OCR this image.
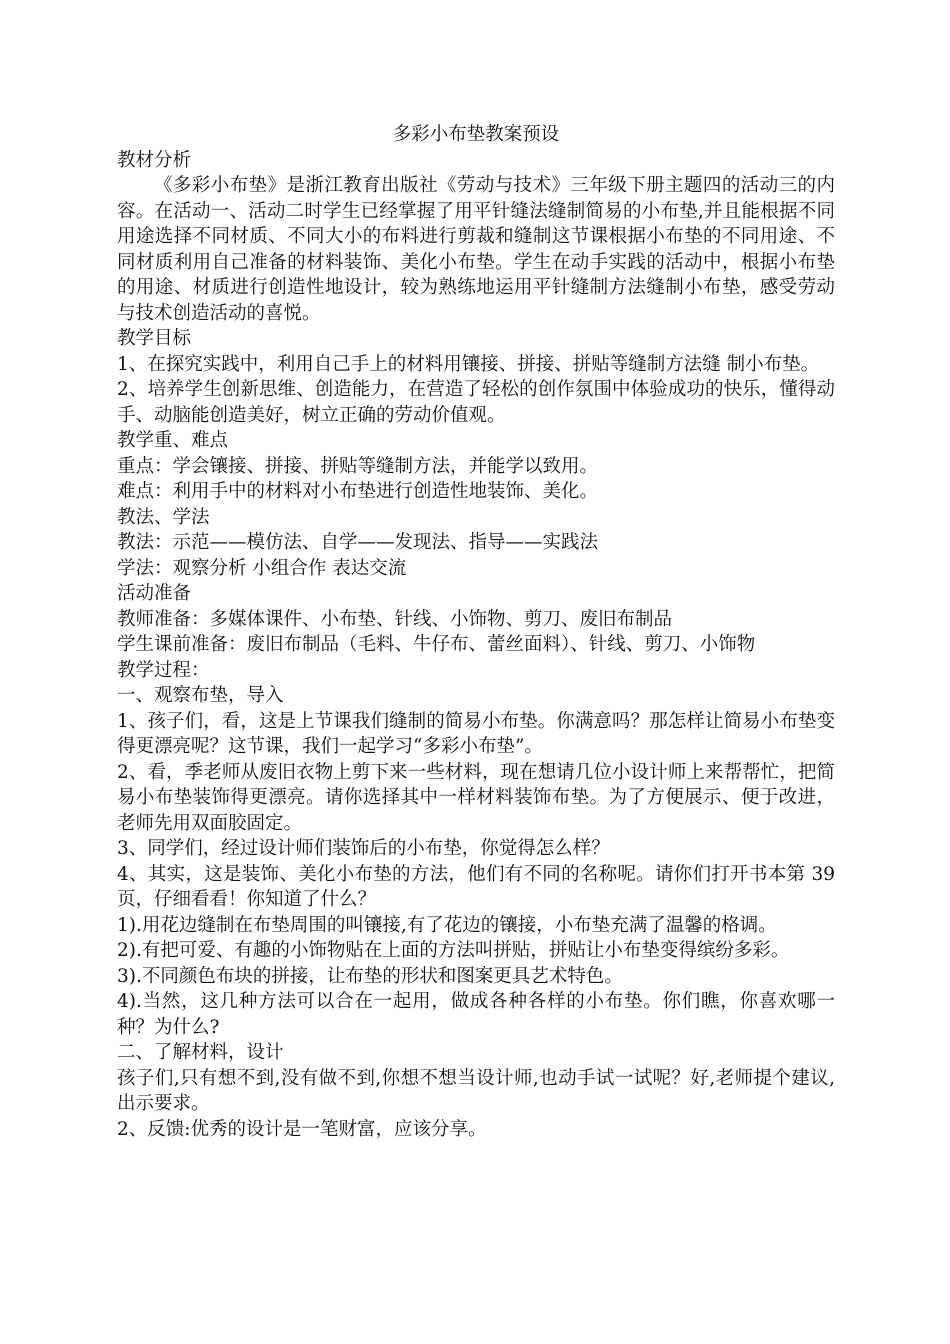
多彩小布垫教案预设

教材分析

《多彩小布垫》是浙江教育出版社《劳动与技术》三年级下册主题四的活动三的内容。在活动一、活动二时学生已经掌握了用平针缝法缝制简易的小布垫,并且能根据不同用途选择不同材质、不同大小的布料进行剪裁和缝制这节课根据小布垫的不同用途、不同材质利用自己准备的材料装饰、美化小布垫。学生在动手实践的活动中，根据小布垫的用途、材质进行创造性地设计，较为熟练地运用平针缝制方法缝制小布垫，感受劳动与技术创造活动的喜悦。

教学目标

1、在探究实践中，利用自己手上的材料用镶接、拼接、拼贴等缝制方法缝 制小布垫。

2、培养学生创新思维、创造能力，在营造了轻松的创作氛围中体验成功的快乐，懂得动手、动脑能创造美好，树立正确的劳动价值观。

教学重、难点

重点：学会镶接、拼接、拼贴等缝制方法，并能学以致用。

难点：利用手中的材料对小布垫进行创造性地装饰、美化。

教法、学法

教法：示范——模仿法、自学——发现法、指导——实践法

学法：观察分析 小组合作 表达交流

活动准备

教师准备：多媒体课件、小布垫、针线、小饰物、剪刀、废旧布制品

学生课前准备：废旧布制品（毛料、牛仔布、蕾丝面料）、针线、剪刀、小饰物

教学过程：

一、观察布垫，导入

1、孩子们，看，这是上节课我们缝制的简易小布垫。你满意吗？那怎样让简易小布垫变得更漂亮呢？这节课，我们一起学习“多彩小布垫”。

2、看，季老师从废旧衣物上剪下来一些材料，现在想请几位小设计师上来帮帮忙，把简易小布垫装饰得更漂亮。请你选择其中一样材料装饰布垫。为了方便展示、便于改进，老师先用双面胶固定。

3、同学们，经过设计师们装饰后的小布垫，你觉得怎么样？

4、其实，这是装饰、美化小布垫的方法，他们有不同的名称呢。请你们打开书本第 39 页，仔细看看！你知道了什么？

1).用花边缝制在布垫周围的叫镶接,有了花边的镶接，小布垫充满了温馨的格调。

2).有把可爱、有趣的小饰物贴在上面的方法叫拼贴，拼贴让小布垫变得缤纷多彩。

3).不同颜色布块的拼接，让布垫的形状和图案更具艺术特色。

4).当然，这几种方法可以合在一起用，做成各种各样的小布垫。你们瞧，你喜欢哪一种？为什么?

二、了解材料，设计

孩子们,只有想不到,没有做不到,你想不想当设计师,也动手试一试呢？好,老师提个建议,出示要求。

2、反馈:优秀的设计是一笔财富，应该分享。
